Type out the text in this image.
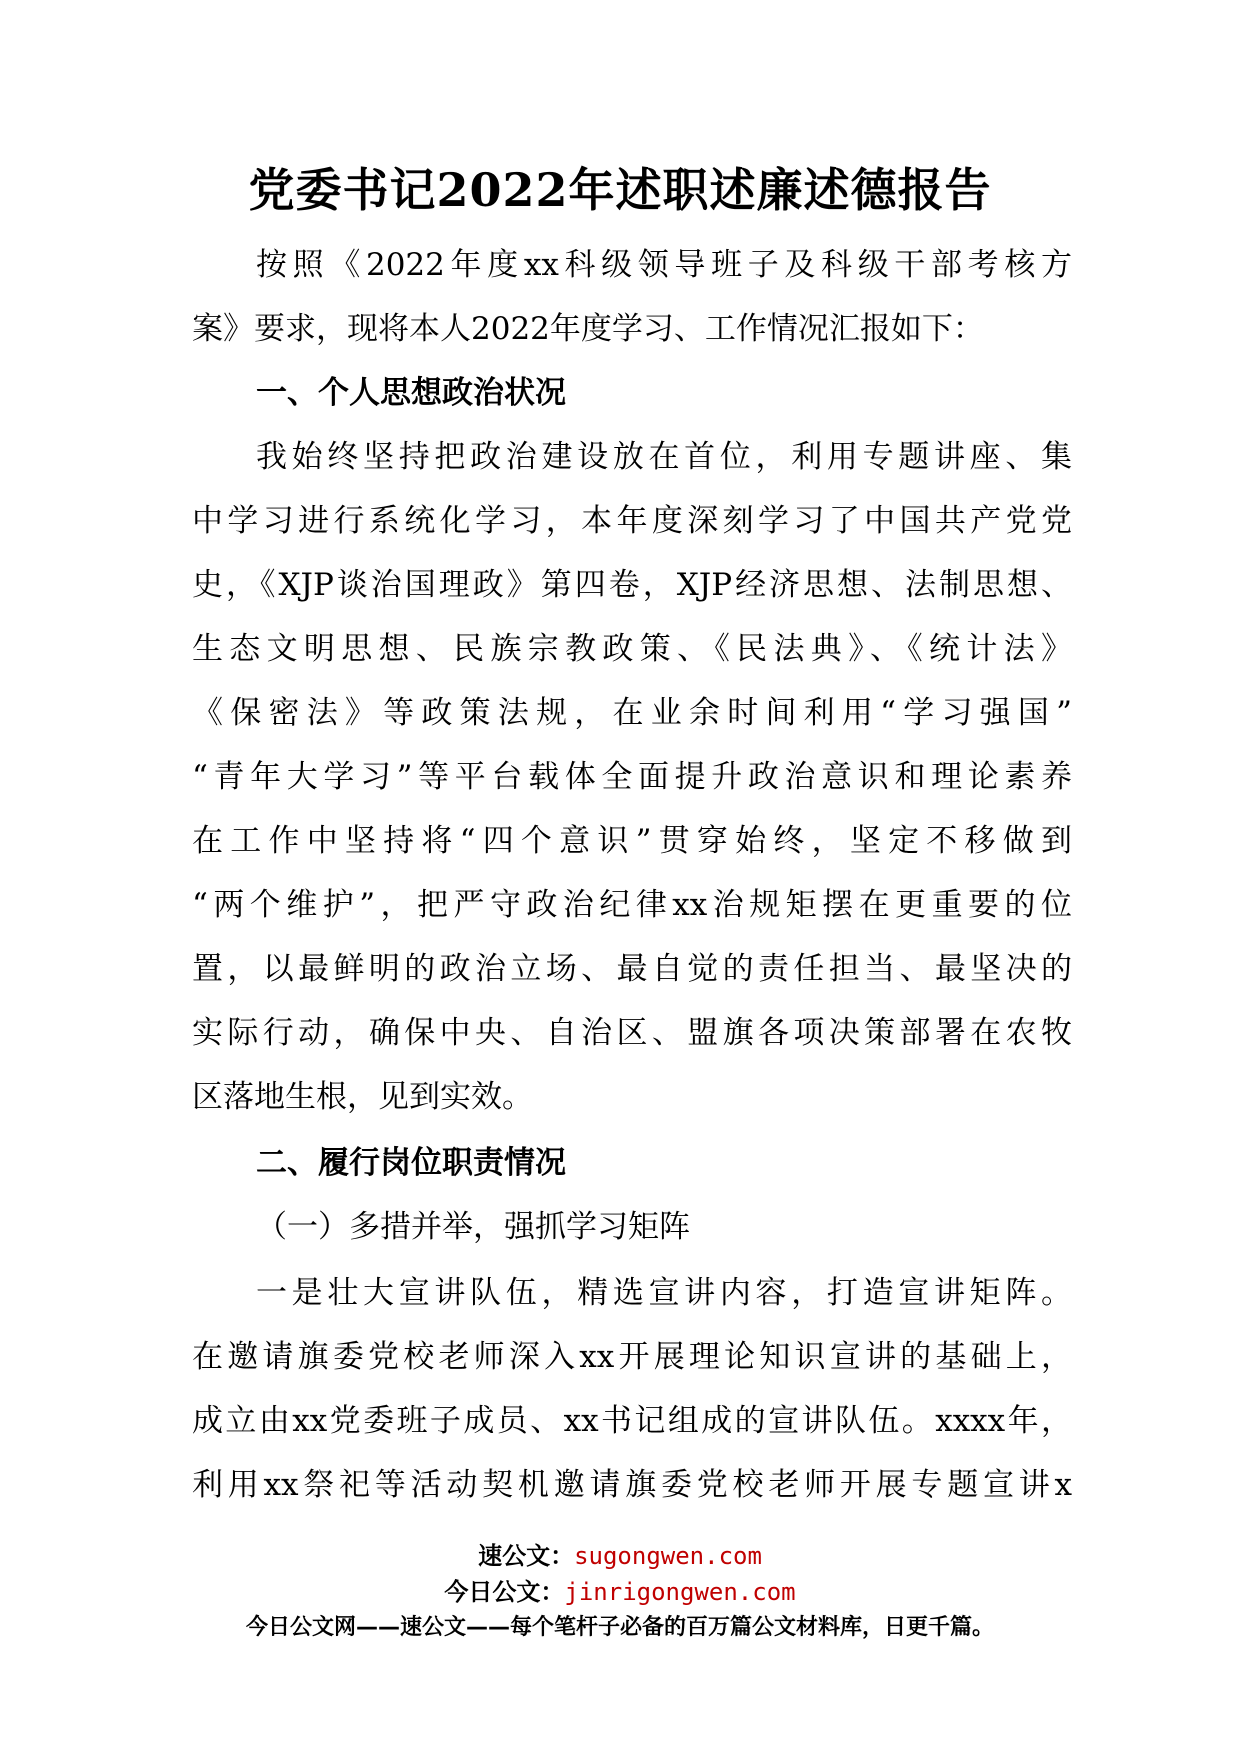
党委书记2022年述职述廉述德报告
按照《2022年度xx科级领导班子及科级干部考核方
案》要求，现将本人2022年度学习、工作情况汇报如下：
一、个人思想政治状况
我始终坚持把政治建设放在首位，利用专题讲座、集
中学习进行系统化学习，本年度深刻学习了中国共产党党
史，《XJP谈治国理政》第四卷，XJP经济思想、法制思想、
生态文明思想、民族宗教政策、《民法典》、《统计法》
《保密法》等政策法规，在业余时间利用“学习强国”
“青年大学习”等平台载体全面提升政治意识和理论素养
在工作中坚持将“四个意识”贯穿始终，坚定不移做到
“两个维护”，把严守政治纪律xx治规矩摆在更重要的位
置，以最鲜明的政治立场、最自觉的责任担当、最坚决的
实际行动，确保中央、自治区、盟旗各项决策部署在农牧
区落地生根，见到实效。
二、履行岗位职责情况
（一）多措并举，强抓学习矩阵
一是壮大宣讲队伍，精选宣讲内容，打造宣讲矩阵。
在邀请旗委党校老师深入xx开展理论知识宣讲的基础上，
成立由xx党委班子成员、xx书记组成的宣讲队伍。xxxx年，
利用xx祭祀等活动契机邀请旗委党校老师开展专题宣讲x
速公文：sugongwen.com
今日公文：jinrigongwen.com
今日公文网——速公文——每个笔杆子必备的百万篇公文材料库，日更千篇。
